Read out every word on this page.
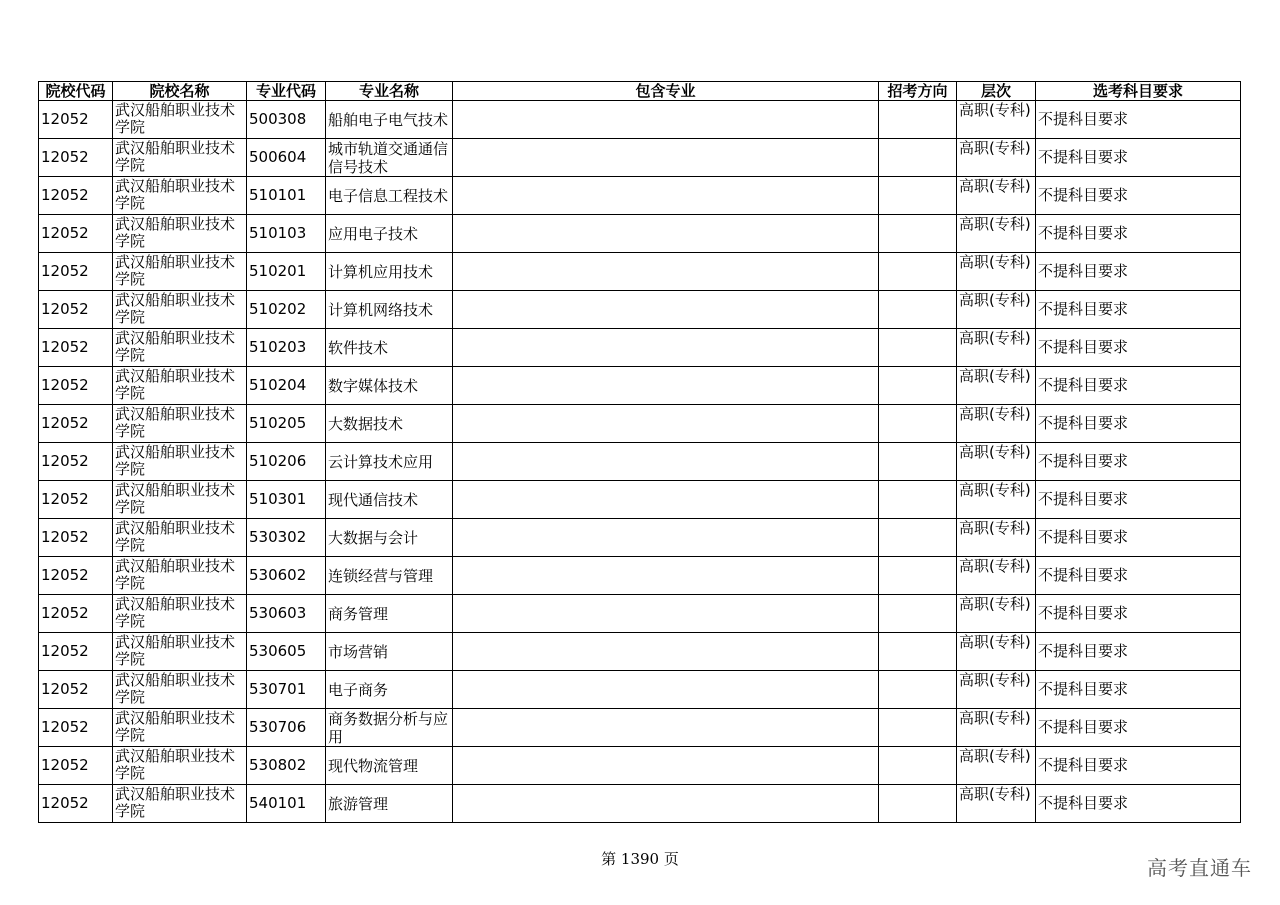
院校代码	院校名称	专业代码	专业名称	包含专业	招考方向	层次	选考科目要求
12052	武汉船舶职业技术学院	500308	船舶电子电气技术			高职(专科)	不提科目要求
12052	武汉船舶职业技术学院	500604	城市轨道交通通信信号技术			高职(专科)	不提科目要求
12052	武汉船舶职业技术学院	510101	电子信息工程技术			高职(专科)	不提科目要求
12052	武汉船舶职业技术学院	510103	应用电子技术			高职(专科)	不提科目要求
12052	武汉船舶职业技术学院	510201	计算机应用技术			高职(专科)	不提科目要求
12052	武汉船舶职业技术学院	510202	计算机网络技术			高职(专科)	不提科目要求
12052	武汉船舶职业技术学院	510203	软件技术			高职(专科)	不提科目要求
12052	武汉船舶职业技术学院	510204	数字媒体技术			高职(专科)	不提科目要求
12052	武汉船舶职业技术学院	510205	大数据技术			高职(专科)	不提科目要求
12052	武汉船舶职业技术学院	510206	云计算技术应用			高职(专科)	不提科目要求
12052	武汉船舶职业技术学院	510301	现代通信技术			高职(专科)	不提科目要求
12052	武汉船舶职业技术学院	530302	大数据与会计			高职(专科)	不提科目要求
12052	武汉船舶职业技术学院	530602	连锁经营与管理			高职(专科)	不提科目要求
12052	武汉船舶职业技术学院	530603	商务管理			高职(专科)	不提科目要求
12052	武汉船舶职业技术学院	530605	市场营销			高职(专科)	不提科目要求
12052	武汉船舶职业技术学院	530701	电子商务			高职(专科)	不提科目要求
12052	武汉船舶职业技术学院	530706	商务数据分析与应用			高职(专科)	不提科目要求
12052	武汉船舶职业技术学院	530802	现代物流管理			高职(专科)	不提科目要求
12052	武汉船舶职业技术学院	540101	旅游管理			高职(专科)	不提科目要求
第 1390 页	高考直通车
